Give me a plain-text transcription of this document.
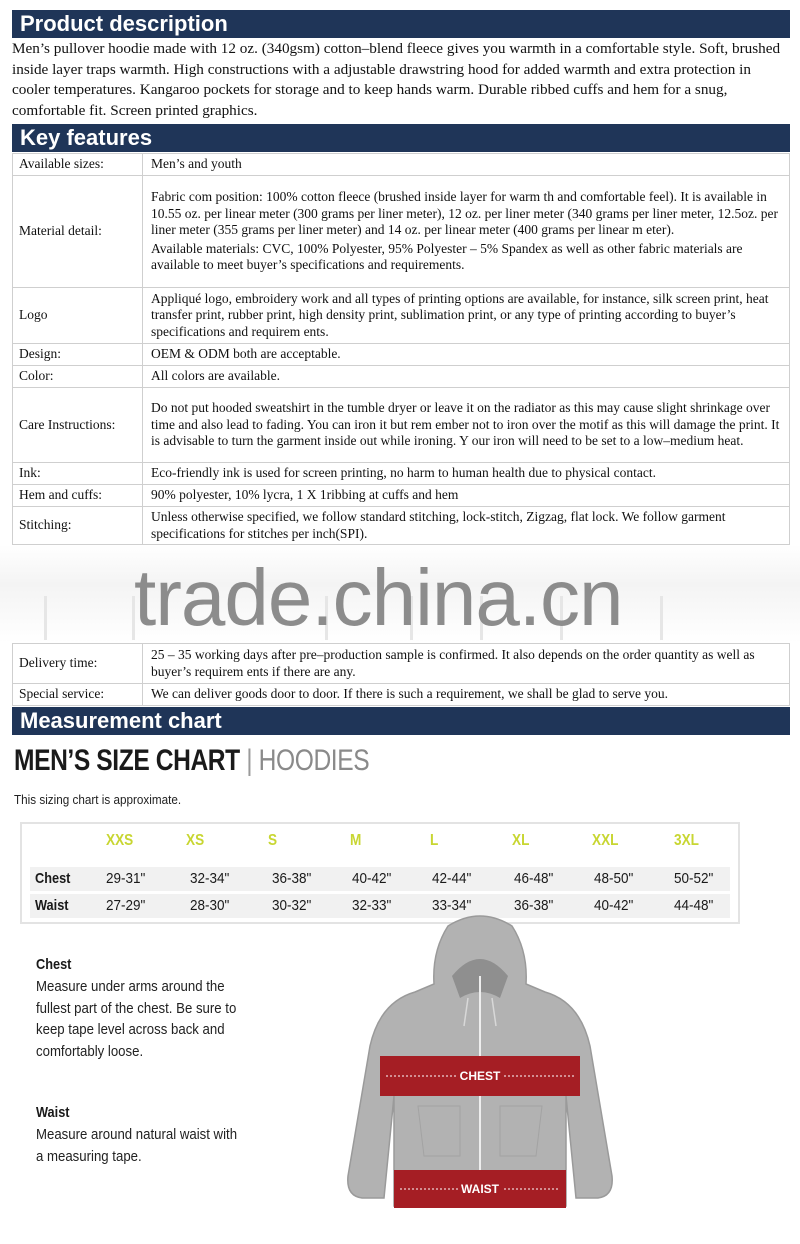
Product description
Men’s pullover hoodie made with 12 oz. (340gsm) cotton–blend fleece gives you warmth in a comfortable style. Soft, brushed inside layer traps warmth. High constructions with a adjustable drawstring hood for added warmth and extra protection in cooler temperatures. Kangaroo pockets for storage and to keep hands warm. Durable ribbed cuffs and hem for a snug, comfortable fit. Screen printed graphics.
Key features
Available sizes:	Men’s and youth

Material detail:	Fabric com position: 100% cotton fleece (brushed inside layer for warm th and comfortable feel). It is available in 10.55 oz. per linear meter (300 grams per liner meter), 12 oz. per liner meter (340 grams per liner meter, 12.5oz. per liner meter (355 grams per liner meter) and 14 oz. per linear meter (400 grams per linear m eter).

Available materials: CVC, 100% Polyester, 95% Polyester – 5% Spandex as well as other fabric materials are available to meet buyer’s specifications and requirements.

Logo	Appliqué logo, embroidery work and all types of printing options are available, for instance, silk screen print, heat transfer print, rubber print, high density print, sublimation print, or any type of printing according to buyer’s specifications and requirem ents.

Design:	OEM & ODM both are acceptable.

Color:	All colors are available.

Care Instructions:	Do not put hooded sweatshirt in the tumble dryer or leave it on the radiator as this may cause slight shrinkage over time and also lead to fading. You can iron it but rem ember not to iron over the motif as this will damage the print. It is advisable to turn the garment inside out while ironing. Y our iron will need to be set to a low–medium heat.

Ink:	Eco-friendly ink is used for screen printing, no harm to human health due to physical contact.

Hem and cuffs:	90% polyester, 10% lycra, 1 X 1ribbing at cuffs and hem

Stitching:	Unless otherwise specified, we follow standard stitching, lock-stitch, Zigzag, flat lock. We follow garment specifications for stitches per inch(SPI).

trade.china.cn
Delivery time:	25 – 35 working days after pre–production sample is confirmed. It also depends on the order quantity as well as buyer’s requirem ents if there are any.

Special service:	We can deliver goods door to door. If there is such a requirement, we shall be glad to serve you.

Measurement chart
MEN’S SIZE CHART | HOODIES
This sizing chart is approximate.
XXS	XS	S	M	L	XL	XXL	3XL
Chest 29-31"	32-34"	36-38"	40-42"	42-44"	46-48"	48-50"	50-52"
Waist 27-29"	28-30"	30-32"	32-33"	33-34"	36-38"	40-42"	44-48"
Chest
Measure under arms around the fullest part of the chest. Be sure to keep tape level across back and comfortably loose.
Waist
Measure around natural waist with a measuring tape.
CHEST
WAIST
